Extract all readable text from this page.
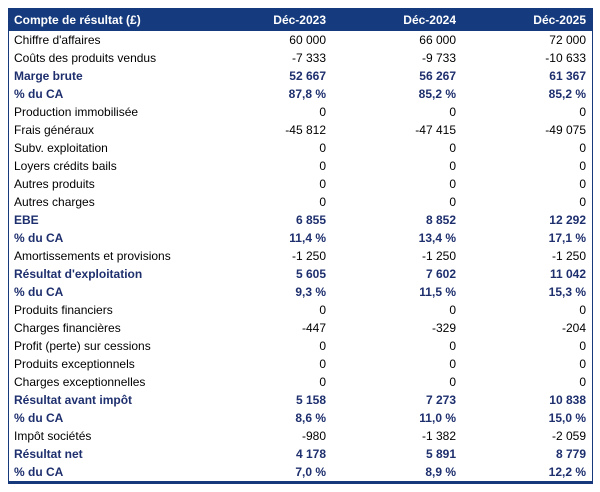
Compte de résultat (£)	Déc-2023	Déc-2024	Déc-2025
Chiffre d'affaires	60 000	66 000	72 000
Coûts des produits vendus	-7 333	-9 733	-10 633
Marge brute	52 667	56 267	61 367
% du CA	87,8 %	85,2 %	85,2 %
Production immobilisée	0	0	0
Frais généraux	-45 812	-47 415	-49 075
Subv. exploitation	0	0	0
Loyers crédits bails	0	0	0
Autres produits	0	0	0
Autres charges	0	0	0
EBE	6 855	8 852	12 292
% du CA	11,4 %	13,4 %	17,1 %
Amortissements et provisions	-1 250	-1 250	-1 250
Résultat d'exploitation	5 605	7 602	11 042
% du CA	9,3 %	11,5 %	15,3 %
Produits financiers	0	0	0
Charges financières	-447	-329	-204
Profit (perte) sur cessions	0	0	0
Produits exceptionnels	0	0	0
Charges exceptionnelles	0	0	0
Résultat avant impôt	5 158	7 273	10 838
% du CA	8,6 %	11,0 %	15,0 %
Impôt sociétés	-980	-1 382	-2 059
Résultat net	4 178	5 891	8 779
% du CA	7,0 %	8,9 %	12,2 %
